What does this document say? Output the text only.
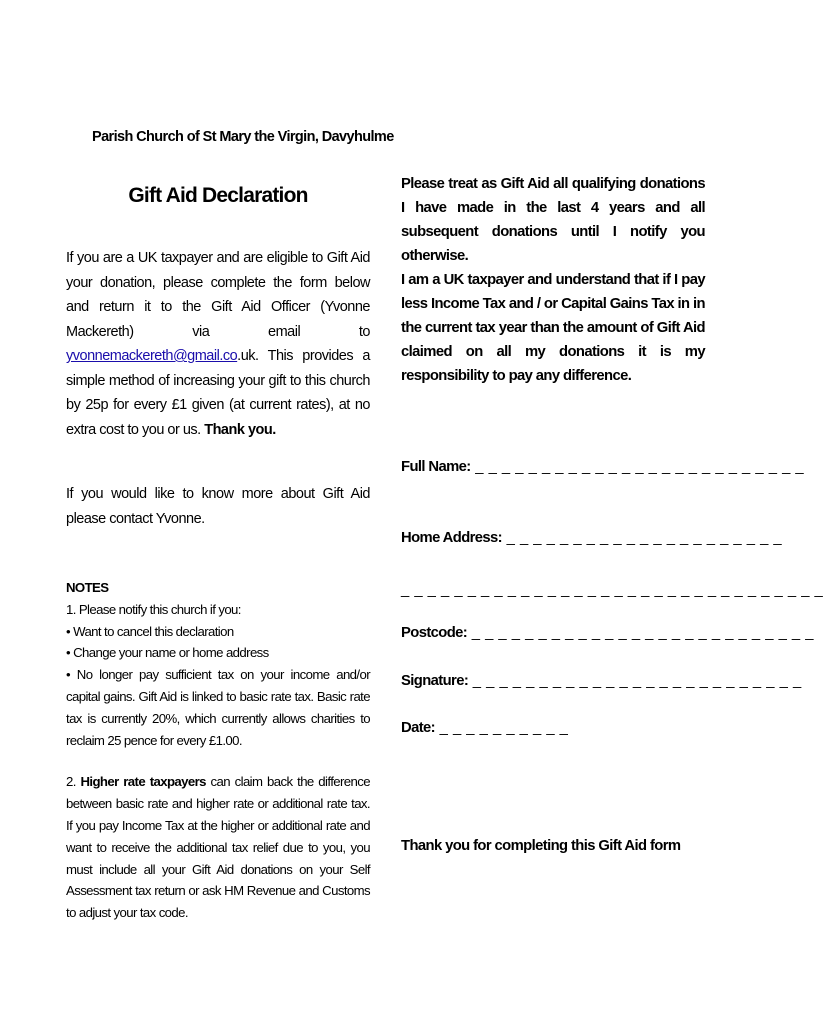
Parish Church of St Mary the Virgin, Davyhulme
Gift Aid Declaration

If you are a UK taxpayer and are eligible to Gift Aid your donation, please complete the form below and return it to the Gift Aid Officer (Yvonne Mackereth) via email to yvonnemackereth@gmail.co.uk. This provides a simple method of increasing your gift to this church by 25p for every £1 given (at current rates), at no extra cost to you or us. Thank you.

If you would like to know more about Gift Aid please contact Yvonne.

NOTES

1. Please notify this church if you:

• Want to cancel this declaration

• Change your name or home address

• No longer pay sufficient tax on your income and/or capital gains. Gift Aid is linked to basic rate tax. Basic rate tax is currently 20%, which currently allows charities to reclaim 25 pence for every £1.00.

2. Higher rate taxpayers can claim back the difference between basic rate and higher rate or additional rate tax. If you pay Income Tax at the higher or additional rate and want to receive the additional tax relief due to you, you must include all your Gift Aid donations on your Self Assessment tax return or ask HM Revenue and Customs to adjust your tax code.

Please treat as Gift Aid all qualifying donations I have made in the last 4 years and all subsequent donations until I notify you otherwise.

I am a UK taxpayer and understand that if I pay less Income Tax and / or Capital Gains Tax in in the current tax year than the amount of Gift Aid claimed on all my donations it is my responsibility to pay any difference.

Full Name: _ _ _ _ _ _ _ _ _ _ _ _ _ _ _ _ _ _ _ _ _ _ _ _ _
Home Address: _ _ _ _ _ _ _ _ _ _ _ _ _ _ _ _ _ _ _ _ _
_ _ _ _ _ _ _ _ _ _ _ _ _ _ _ _ _ _ _ _ _ _ _ _ _ _ _ _ _ _ _ _
Postcode: _ _ _ _ _ _ _ _ _ _ _ _ _ _ _ _ _ _ _ _ _ _ _ _ _ _
Signature: _ _ _ _ _ _ _ _ _ _ _ _ _ _ _ _ _ _ _ _ _ _ _ _ _
Date: _ _ _ _ _ _ _ _ _ _
Thank you for completing this Gift Aid form
